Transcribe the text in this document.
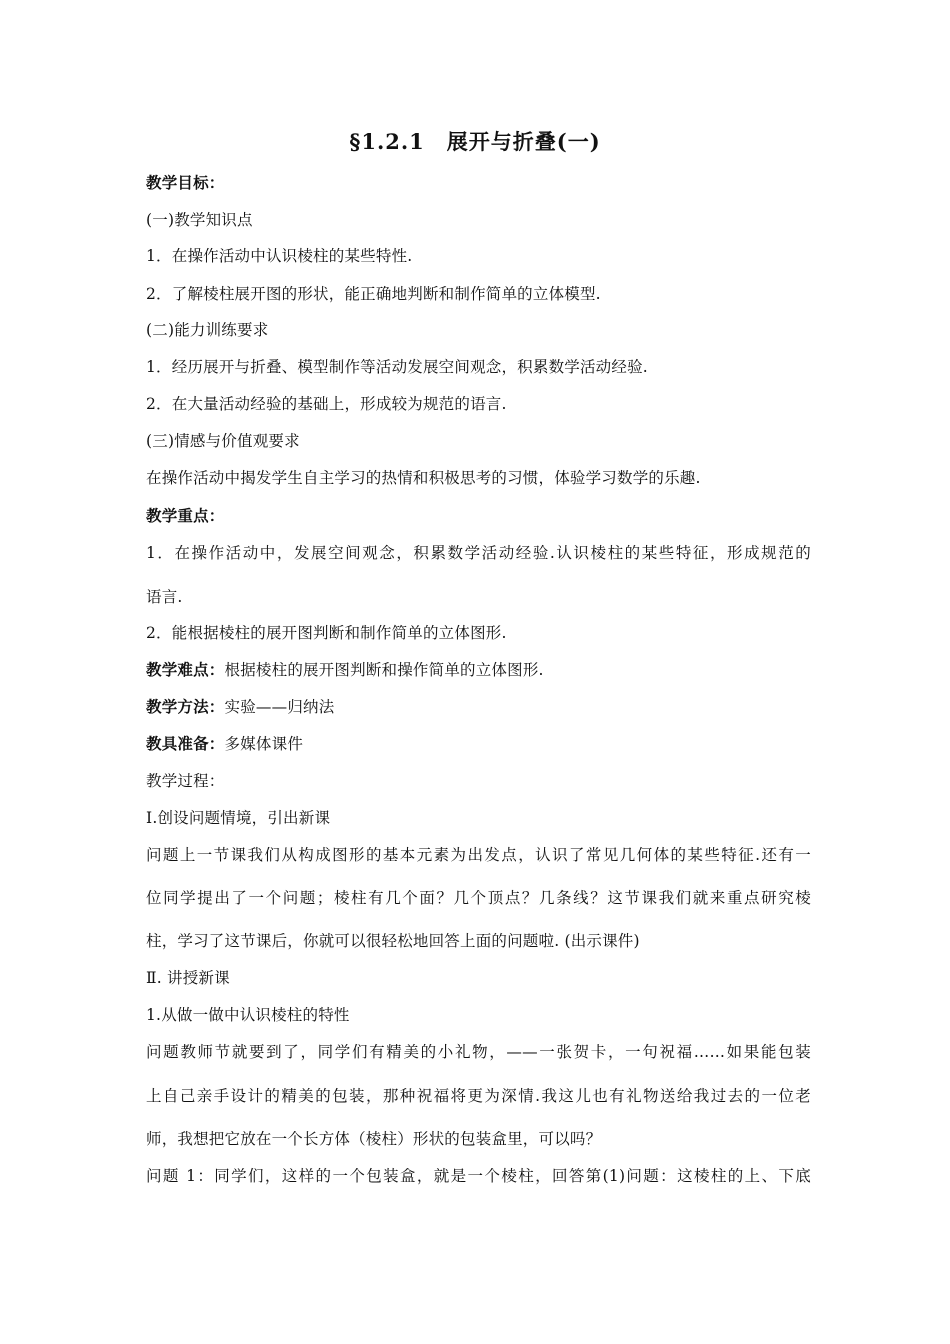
§1.2.1　展开与折叠(一)
教学目标：
(一)教学知识点
1．在操作活动中认识棱柱的某些特性.
2．了解棱柱展开图的形状，能正确地判断和制作简单的立体模型.
(二)能力训练要求
1．经历展开与折叠、模型制作等活动发展空间观念，积累数学活动经验.
2．在大量活动经验的基础上，形成较为规范的语言.
(三)情感与价值观要求
在操作活动中揭发学生自主学习的热情和积极思考的习惯，体验学习数学的乐趣.
教学重点：
1．在操作活动中，发展空间观念，积累数学活动经验.认识棱柱的某些特征，形成规范的
语言.
2．能根据棱柱的展开图判断和制作简单的立体图形.
教学难点：根据棱柱的展开图判断和操作简单的立体图形.
教学方法：实验——归纳法
教具准备：多媒体课件
教学过程：
Ⅰ.创设问题情境，引出新课
问题上一节课我们从构成图形的基本元素为出发点，认识了常见几何体的某些特征.还有一
位同学提出了一个问题；棱柱有几个面？几个顶点？几条线？这节课我们就来重点研究棱
柱，学习了这节课后，你就可以很轻松地回答上面的问题啦. (出示课件)
Ⅱ. 讲授新课
1.从做一做中认识棱柱的特性
问题教师节就要到了，同学们有精美的小礼物，——一张贺卡，一句祝福……如果能包装
上自己亲手设计的精美的包装，那种祝福将更为深情.我这儿也有礼物送给我过去的一位老
师，我想把它放在一个长方体（棱柱）形状的包装盒里，可以吗？
问题 1：同学们，这样的一个包装盒，就是一个棱柱，回答第(1)问题：这棱柱的上、下底
